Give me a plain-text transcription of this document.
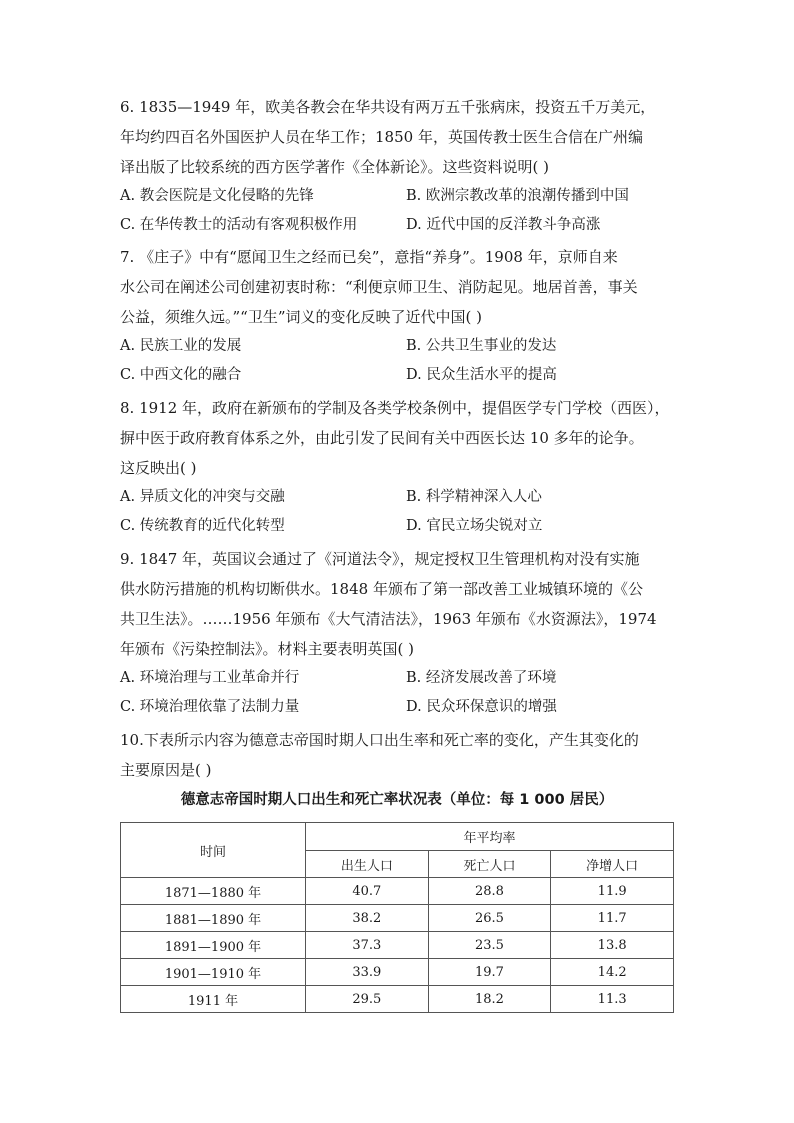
6. 1835—1949 年，欧美各教会在华共设有两万五千张病床，投资五千万美元，
年均约四百名外国医护人员在华工作；1850 年，英国传教士医生合信在广州编
译出版了比较系统的西方医学著作《全体新论》。这些资料说明( )
A. 教会医院是文化侵略的先锋	B. 欧洲宗教改革的浪潮传播到中国
C. 在华传教士的活动有客观积极作用	D. 近代中国的反洋教斗争高涨
7. 《庄子》中有“愿闻卫生之经而已矣”，意指“养身”。1908 年，京师自来
水公司在阐述公司创建初衷时称：“利便京师卫生、消防起见。地居首善，事关
公益，须维久远。”“卫生”词义的变化反映了近代中国( )
A. 民族工业的发展	B. 公共卫生事业的发达
C. 中西文化的融合	D. 民众生活水平的提高
8. 1912 年，政府在新颁布的学制及各类学校条例中，提倡医学专门学校（西医），
摒中医于政府教育体系之外，由此引发了民间有关中西医长达 10 多年的论争。
这反映出( )
A. 异质文化的冲突与交融	B. 科学精神深入人心
C. 传统教育的近代化转型	D. 官民立场尖锐对立
9. 1847 年，英国议会通过了《河道法令》，规定授权卫生管理机构对没有实施
供水防污措施的机构切断供水。1848 年颁布了第一部改善工业城镇环境的《公
共卫生法》。……1956 年颁布《大气清洁法》，1963 年颁布《水资源法》，1974
年颁布《污染控制法》。材料主要表明英国( )
A. 环境治理与工业革命并行	B. 经济发展改善了环境
C. 环境治理依靠了法制力量	D. 民众环保意识的增强
10.下表所示内容为德意志帝国时期人口出生率和死亡率的变化，产生其变化的
主要原因是( )
德意志帝国时期人口出生和死亡率状况表（单位：每 1 000 居民）
时间	年平均率		
	出生人口	死亡人口	净增人口
1871—1880 年	40.7	28.8	11.9
1881—1890 年	38.2	26.5	11.7
1891—1900 年	37.3	23.5	13.8
1901—1910 年	33.9	19.7	14.2
1911 年	29.5	18.2	11.3
